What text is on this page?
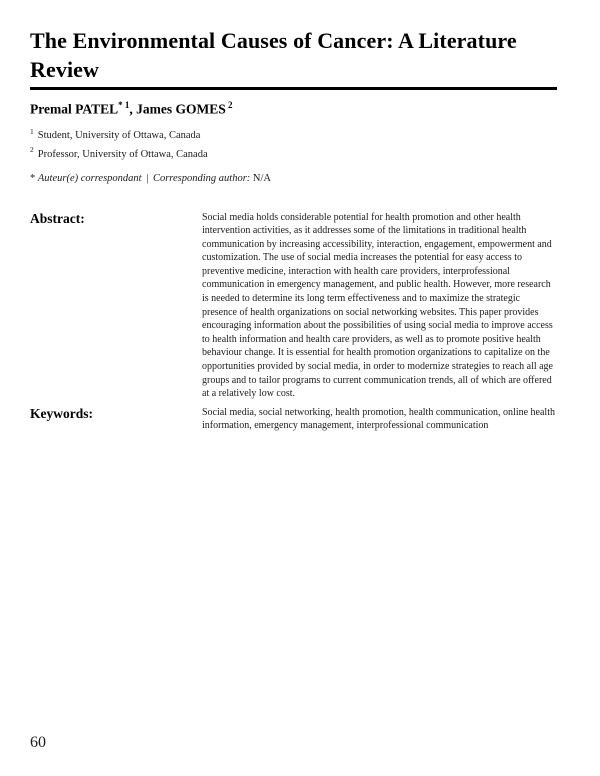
The Environmental Causes of Cancer: A Literature Review

Premal PATEL$^{* 1}$, James GOMES $^2$

$^1$ Student, University of Ottawa, Canada

$^2$ Professor, University of Ottawa, Canada

* Auteur(e) correspondant | Corresponding author: N/A

Abstract:	Social media holds considerable potential for health promotion and other health intervention activities, as it addresses some of the limitations in traditional health communication by increasing accessibility, interaction, engagement, empowerment and customization. The use of social media increases the potential for easy access to preventive medicine, interaction with health care providers, interprofessional communication in emergency management, and public health. However, more research is needed to determine its long term effectiveness and to maximize the strategic presence of health organizations on social networking websites. This paper provides encouraging information about the possibilities of using social media to improve access to health information and health care providers, as well as to promote positive health behaviour change. It is essential for health promotion organizations to capitalize on the opportunities provided by social media, in order to modernize strategies to reach all age groups and to tailor programs to current communication trends, all of which are offered at a relatively low cost.
Keywords:	Social media, social networking, health promotion, health communication, online health information, emergency management, interprofessional communication
60
